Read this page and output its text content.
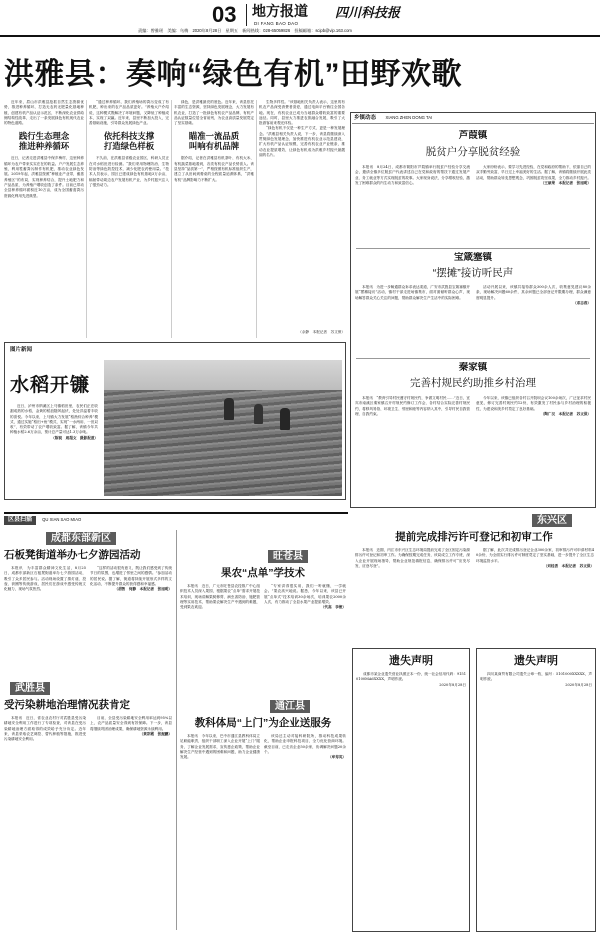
03	地方报道
DI FANG BAO DAO
四川科技报
责编：曾雅瑶　美编：乌梅　2020年8月28日　星期五　新闻热线：028-65059826　投稿邮箱：scipb@vip.163.com
洪雅县：奏响“绿色有机”田野欢歌

近年来，眉山市洪雅县抢抓自然生态资源优势，推进种养循环，打造无农药无肥量化基地种植，创建有机产品认证示范区，不断深化农业供给侧结构性改革，走出了一条发展绿色有机现代农业的特色道路。

践行生态理念
推进种养循环

近日，记者走进洪雅县中保乡梅村，这里种养循环为农户带来实实在在的收益。户户发展生态养殖，利用牲畜粪污制作有机肥，推动农业绿色发展。2019年起，洪雅县按照“种植业产业带，畜禽养殖区”的布局，实现种养结合，提升土地肥力和产品品质，为养殖户增收创造了条件。目前已带动全县种养循环面积近10万亩，成为全国畜禽粪污资源化利用先进典型。

“通过种养循环，我们养殖场的粪污变成了有机肥，种出来的农产品品质更好。”养殖大户介绍说，这种模式既解决了环境问题，又降低了种植成本，实现了双赢。近年来，县里不断加大投入，完善基础设施，引导群众发展绿色产业。

依托科技支撑
打造绿色样板

不久前，在洪雅县省级农业园区，科研人员正在对水稻田进行检测。“我们采用物理防治、生物防治等绿色防控技术，减少化肥农药使用量。”技术人员表示，园区已建成绿色有机基地3万余亩，辐射带动周边农户发展有机产业，为乡村振兴注入了强劲动力。

绿色，是洪雅最亮的底色。近年来，该县依托丰富的生态资源，坚持绿色发展理念，大力发展有机农业，打造了一批绿色有机农产品品牌，有机产品认证数量位居全省前列，为农业高质量发展奠定了坚实基础。

瞄准一流品质
叫响有机品牌

据介绍，记者在洪雅县有机茶叶、有机大米、有机蔬菜基地看到，各类有机农产品长势喜人。该县坚持“品质第一”，严格按照有机标准组织生产，建立了从田间到餐桌的全程质量追溯体系，“洪雅有机”品牌影响力不断扩大。

生物多样性。”该基地相关负责人表示，这里的有机农产品深受消费者喜爱，通过电商平台销往全国各地。现在，有机农业已成为当地群众增收致富的重要途径。同时，县里大力推进农旅融合发展，吸引了大批游客前来观光体验。

“绿色有机不仅是一种生产方式，更是一种发展理念。”洪雅县相关负责人说，下一步，该县将继续深入贯彻绿色发展理念，加快推进有机农业示范县建设，扩大有机产品认证规模，完善有机农业产业链条，推动农业提质增效，让绿色有机成为洪雅乡村振兴最靓丽的名片。

（余静　本报记者　苏文保）
图片新闻
水稻开镰

近日，泸州市纳溪区上马镇稻田里，农民们正在收割成熟的水稻，金黄的稻浪随风起伏，处处洋溢着丰收的喜悦。今年以来，上马镇大力发展“稻渔综合种养”模式，通过实施“稻田+鱼”模式，实现“一水两用、一田双收”，有效带动了农户增收致富。据了解，该镇今年共种植水稻2.6万余亩，预计总产量可达1.3万余吨。

（陈锐　周超文　摄影报道）
乡镇动态 XIANG ZHEN DONG TAI
芦葭镇
脱贫户分享脱贫经验

本报讯　8月24日，成都市简阳市芦葭镇举行脱贫户经验分享交流会，邀请全镇多位脱贫户代表讲述自己在党和政府的帮扶下通过发展产业、务工就业等方式实现脱贫的故事。大家现身说法，分享增收经验，激发了困难群众的内生动力和致富信心。

大家纷纷表示，要学习先进经验，在党和政府的帮助下，依靠自己的双手勤劳致富，早日过上幸福美好的生活。据了解，该镇将继续开展此类活动，帮助群众转变思想观念，巩固脱贫攻坚成果，全力推动乡村振兴。

（王硕果　本报记者　张旭明）
宝箴塞镇
“摆摊”接访听民声

本报讯　为进一步畅通群众诉求表达渠道，广安市武胜县宝箴塞镇开展“摆摊接访”活动，镇村干部走进场镇集市，面对面倾听群众心声，现场解答群众关心关注的问题，帮助群众解决生产生活中的实际困难。

活动开展以来，该镇共接待群众300余人次，收集意见建议80余条，现场解决问题60余件，其余问题已全部登记并限期办理，群众满意度明显提升。

（邓志春）
秦家镇
完善村规民约助推乡村治理

本报讯　“教育引导村民遵守村规民约，争做文明村民……”近日，宜宾市南溪区秦家镇召开村规民约修订工作会，各村结合实际完善村规民约，将移风易俗、环境卫生、邻里和睦等内容纳入其中，引导村民自我管理、自我约束。

今年以来，该镇已组织各村召开院坝会议100余场次，广泛征求村民意见，修订完善村规民约12份，有效激发了村民参与乡村治理的积极性，为建设和美乡村奠定了良好基础。

（陶广汉　本报记者　苏文保）
区县扫描 QU XIAN SAO MIAO
成都东部新区
石板凳街道举办七夕游园活动

本报讯　为丰富群众精神文化生活，8月25日，成都东部新区石板凳街道举办七夕游园活动，吸引了众多居民参与。活动现场设置了猜灯谜、投壶、套圈等传统游戏，居民们在游戏中感受传统文化魅力，现场气氛热烈。

“这样的活动很有意义，既让我们感受到了传统节日的氛围，也增进了邻里之间的感情。”参加活动的居民说。据了解，街道将持续开展形式多样的文化活动，不断提升群众的获得感和幸福感。

（胡智　何静　本报记者　张旭明）
武胜县
受污染耕地治理情况获肯定

本报讯　近日，省农业农村厅对武胜县受污染耕地安全利用工作进行了专项检查，对该县在受污染耕地治理方面取得的成效给予充分肯定。近年来，该县采取农艺调控、替代种植等措施，推进受污染耕地安全利用。

目前，全县受污染耕地安全利用率达到95%以上，农产品质量安全得到有效保障。下一步，该县将继续巩固治理成果，确保耕地资源永续利用。

（黄彩霞　张振鹏）
旺苍县
果农“点单”学技术

本报讯　近日，广元市旺苍县农技推广中心组织技术人员深入果园，根据果农“点单”需求开展技术培训，现场讲解果树修剪、病虫害防治、施肥管理等实用技术，帮助果农解决生产中遇到的难题，受到果农欢迎。

“专家讲得很实用，我们一听就懂，一学就会。”果农高兴地说。据悉，今年以来，该县已开展“点单式”技术培训30余场次，培训果农2000余人次，有力推动了全县水果产业提质增效。

（代高　李俊）
通江县
教科体局“上门”为企业送服务

本报讯　今年以来，巴中市通江县教科体局立足职能职责，组织干部职工深入企业开展“上门”服务，了解企业发展需求，宣传惠企政策，帮助企业解决生产经营中遇到的困难和问题，助力企业健康发展。

该局还主动对接科研院所，推动科技成果转化，帮助企业申报科技项目，全力优化营商环境。截至目前，已走访企业50余家，协调解决问题20余个。

（牟寿英）
东兴区
提前完成排污许可登记和初审工作

本报讯　近期，内江市东兴区生态环境局提前完成了全区固定污染源排污许可登记和初审工作。为确保按期完成任务，该局成立工作专班，深入企业开展现场指导，帮助企业规范填报信息，确保排污许可“应发尽发、应登尽登”。

据了解，此次共完成排污登记企业300余家，初审排污许可申请材料40余份，为全面实行排污许可制度奠定了坚实基础，进一步提升了全区生态环境监管水平。

（刘桂香　本报记者　苏文保）
遗失声明

成都市某企业遗失营业执照正本一份，统一社会信用代码：91510100MA6XXXX，声明作废。

2020年8月28日
遗失声明

四川某商贸有限公司遗失公章一枚，编号：5101000XXXXX，声明作废。

2020年8月28日
